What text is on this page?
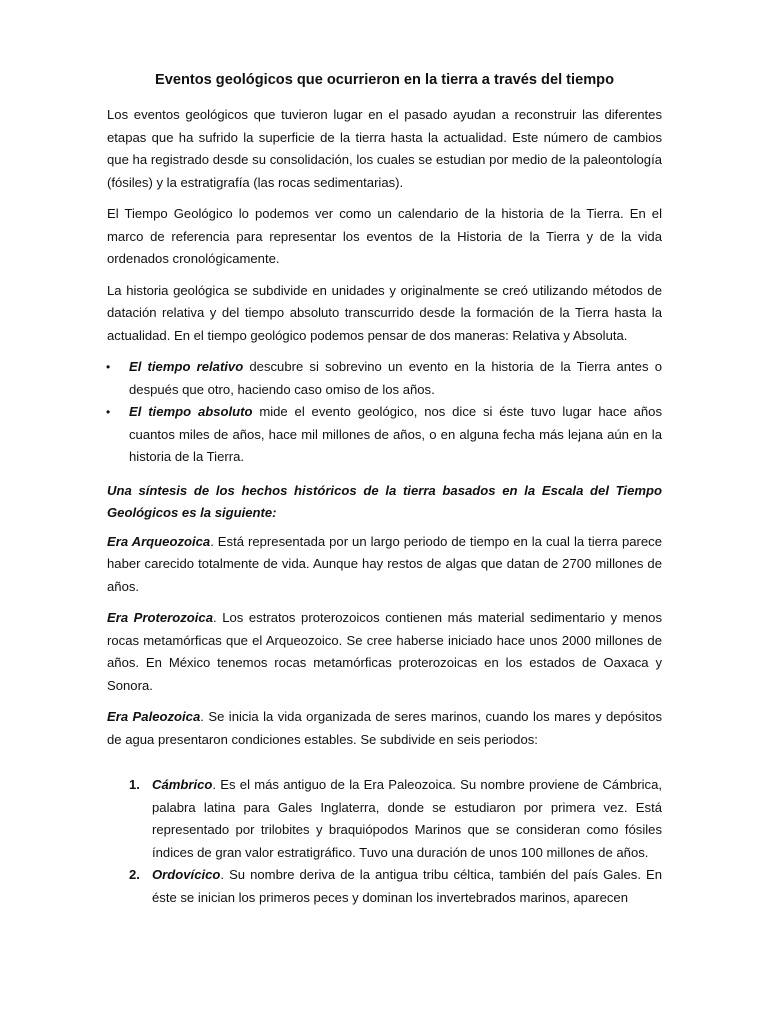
Eventos geológicos que ocurrieron en la tierra a través del tiempo

Los eventos geológicos que tuvieron lugar en el pasado ayudan a reconstruir las diferentes etapas que ha sufrido la superficie de la tierra hasta la actualidad. Este número de cambios que ha registrado desde su consolidación, los cuales se estudian por medio de la paleontología (fósiles) y la estratigrafía (las rocas sedimentarias).

El Tiempo Geológico lo podemos ver como un calendario de la historia de la Tierra. En el marco de referencia para representar los eventos de la Historia de la Tierra y de la vida ordenados cronológicamente.

La historia geológica se subdivide en unidades y originalmente se creó utilizando métodos de datación relativa y del tiempo absoluto transcurrido desde la formación de la Tierra hasta la actualidad. En el tiempo geológico podemos pensar de dos maneras: Relativa y Absoluta.

• El tiempo relativo descubre si sobrevino un evento en la historia de la Tierra antes o después que otro, haciendo caso omiso de los años.
• El tiempo absoluto mide el evento geológico, nos dice si éste tuvo lugar hace años cuantos miles de años, hace mil millones de años, o en alguna fecha más lejana aún en la historia de la Tierra.

Una síntesis de los hechos históricos de la tierra basados en la Escala del Tiempo Geológicos es la siguiente:

Era Arqueozoica. Está representada por un largo periodo de tiempo en la cual la tierra parece haber carecido totalmente de vida. Aunque hay restos de algas que datan de 2700 millones de años.

Era Proterozoica. Los estratos proterozoicos contienen más material sedimentario y menos rocas metamórficas que el Arqueozoico. Se cree haberse iniciado hace unos 2000 millones de años. En México tenemos rocas metamórficas proterozoicas en los estados de Oaxaca y Sonora.

Era Paleozoica. Se inicia la vida organizada de seres marinos, cuando los mares y depósitos de agua presentaron condiciones estables. Se subdivide en seis periodos:

1. Cámbrico. Es el más antiguo de la Era Paleozoica. Su nombre proviene de Cámbrica, palabra latina para Gales Inglaterra, donde se estudiaron por primera vez. Está representado por trilobites y braquiópodos Marinos que se consideran como fósiles índices de gran valor estratigráfico. Tuvo una duración de unos 100 millones de años.
2. Ordovícico. Su nombre deriva de la antigua tribu céltica, también del país Gales. En éste se inician los primeros peces y dominan los invertebrados marinos, aparecen
